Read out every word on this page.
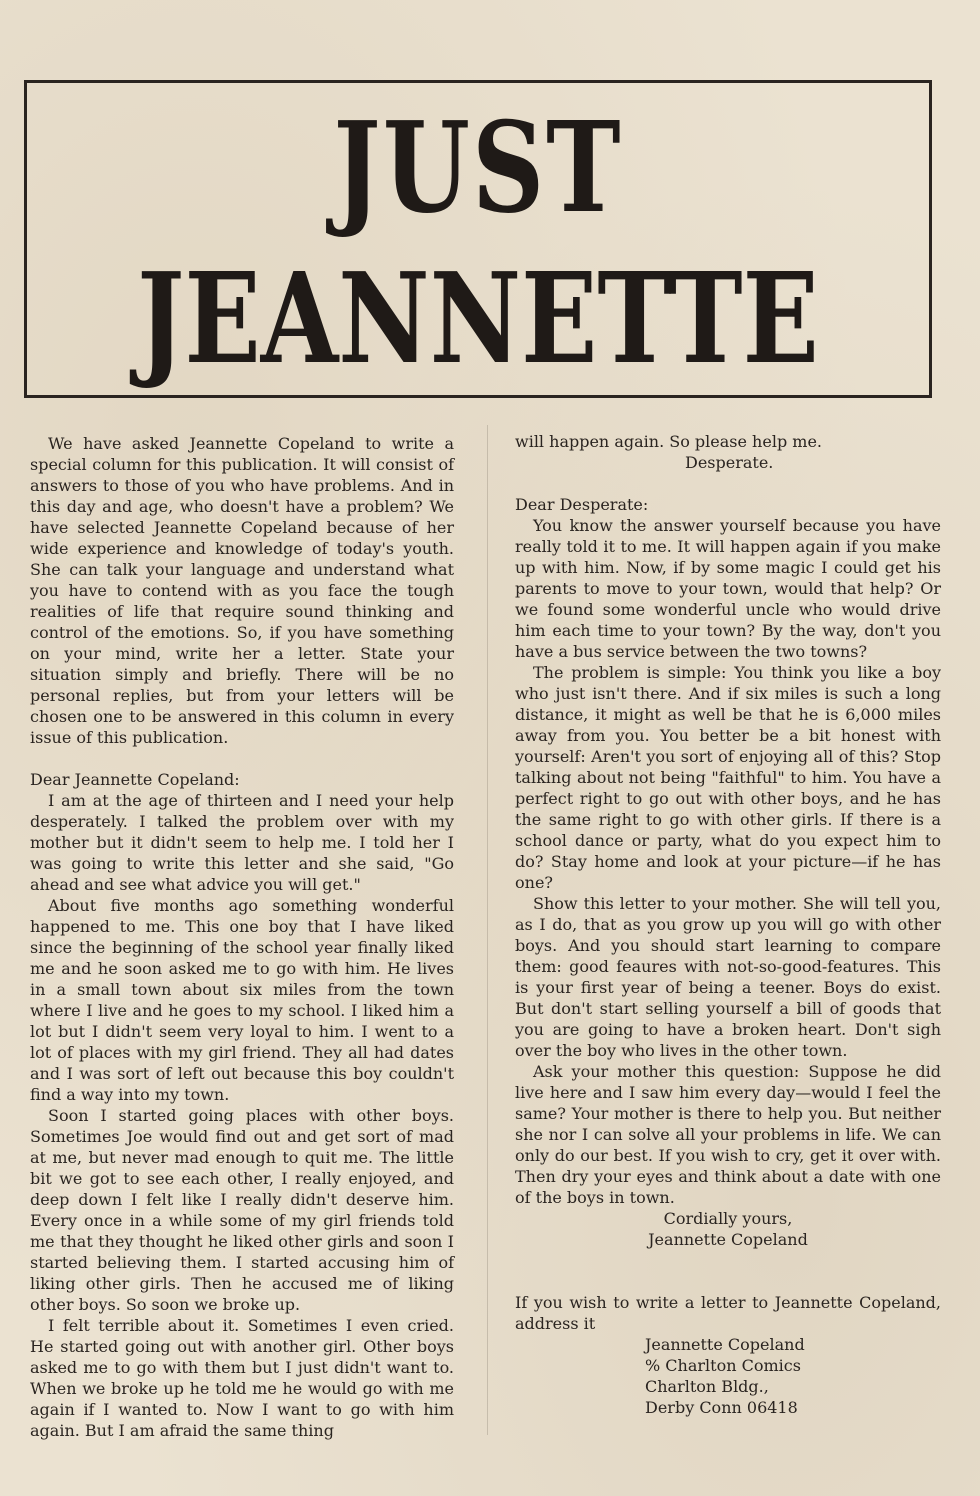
JUST
JEANNETTE

We have asked Jeannette Copeland to write a special column for this publication. It will consist of answers to those of you who have problems. And in this day and age, who doesn't have a problem? We have selected Jeannette Copeland because of her wide experience and knowledge of today's youth. She can talk your language and understand what you have to contend with as you face the tough realities of life that require sound thinking and control of the emotions. So, if you have something on your mind, write her a letter. State your situation simply and briefly. There will be no personal replies, but from your letters will be chosen one to be answered in this column in every issue of this publication.

Dear Jeannette Copeland:

I am at the age of thirteen and I need your help desperately. I talked the problem over with my mother but it didn't seem to help me. I told her I was going to write this letter and she said, "Go ahead and see what advice you will get."

About five months ago something wonderful happened to me. This one boy that I have liked since the beginning of the school year finally liked me and he soon asked me to go with him. He lives in a small town about six miles from the town where I live and he goes to my school. I liked him a lot but I didn't seem very loyal to him. I went to a lot of places with my girl friend. They all had dates and I was sort of left out because this boy couldn't find a way into my town.

Soon I started going places with other boys. Sometimes Joe would find out and get sort of mad at me, but never mad enough to quit me. The little bit we got to see each other, I really enjoyed, and deep down I felt like I really didn't deserve him. Every once in a while some of my girl friends told me that they thought he liked other girls and soon I started believing them. I started accusing him of liking other girls. Then he accused me of liking other boys. So soon we broke up.

I felt terrible about it. Sometimes I even cried. He started going out with another girl. Other boys asked me to go with them but I just didn't want to. When we broke up he told me he would go with me again if I wanted to. Now I want to go with him again. But I am afraid the same thing

will happen again. So please help me.

Desperate.

Dear Desperate:

You know the answer yourself because you have really told it to me. It will happen again if you make up with him. Now, if by some magic I could get his parents to move to your town, would that help? Or we found some wonderful uncle who would drive him each time to your town? By the way, don't you have a bus service between the two towns?

The problem is simple: You think you like a boy who just isn't there. And if six miles is such a long distance, it might as well be that he is 6,000 miles away from you. You better be a bit honest with yourself: Aren't you sort of enjoying all of this? Stop talking about not being "faithful" to him. You have a perfect right to go out with other boys, and he has the same right to go with other girls. If there is a school dance or party, what do you expect him to do? Stay home and look at your picture—if he has one?

Show this letter to your mother. She will tell you, as I do, that as you grow up you will go with other boys. And you should start learning to compare them: good feaures with not-so-good-features. This is your first year of being a teener. Boys do exist. But don't start selling yourself a bill of goods that you are going to have a broken heart. Don't sigh over the boy who lives in the other town.

Ask your mother this question: Suppose he did live here and I saw him every day—would I feel the same? Your mother is there to help you. But neither she nor I can solve all your problems in life. We can only do our best. If you wish to cry, get it over with. Then dry your eyes and think about a date with one of the boys in town.

Cordially yours,

Jeannette Copeland

If you wish to write a letter to Jeannette Copeland, address it

Jeannette Copeland

% Charlton Comics

Charlton Bldg.,

Derby Conn 06418
